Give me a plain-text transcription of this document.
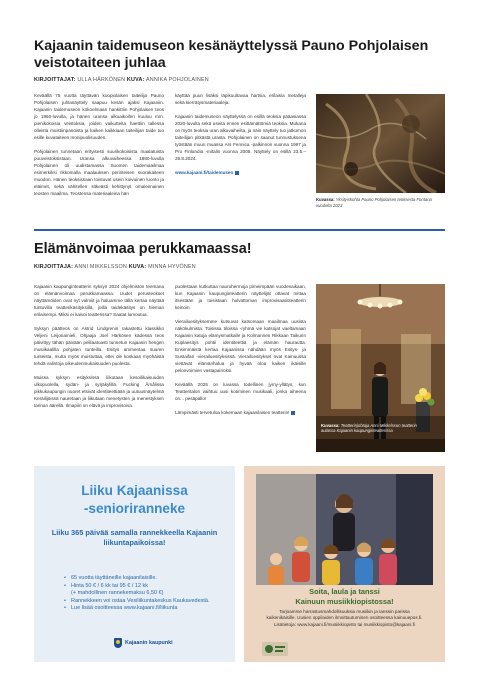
Kajaanin taidemuseon kesänäyttelyssä Pauno Pohjolaisen veistotaiteen juhlaa
KIRJOITTAJAT: ULLA HÄRKÖNEN KUVA: ANNIKA POHJOLAINEN

Keväällä 75 vuotta täyttävän kuopiolaisen taiteilija Pauno Pohjolaisen juhlanäyttely saapuu kesän ajaksi Kajaaniin. Kajaanin taidemuseon kokoelmaan hankittiin Pohjolaisen teos jo 1960-luvulla, ja hänen uransa alkuaikoihin kuuluu mm. pienikokoisia veistoksia, joiden vaikutteita haettiin tallessa olleista muistiinpanoista ja kaiken kaikkiaan taiteilijan taide tuo esille kuvataiteen monipuolisuuden.

Pohjolainen tunnetaan erityisesti suurikokoisista maalatuista puuveistoksistaan. Uransa alkuvaiheessa 1980-luvulla Pohjolainen oli uudistamassa Suomen taidemaailmaa esimerkiksi rikkomalla maalauksen perinteisen suorakaiteen muodon. Hänen teoksissaan toistuvat usein koivuinen luonto ja eläimet, sekä vähitellen sitkeästi kehittynyt omaleimainen teosten maailma. Teostensa materiaaleina hän

käyttää puun lisäksi läpikuultavaa hartsia, erilaisia metalleja sekä kierrätysmateriaaleja.

Kajaanin taidemuseon näyttelyssä on esillä teoksia pääasiassa 2020-luvulta sekä useita ennen esittämättömiä teoksia. Mukana on myös teoksia uran alkuvaiheilta, ja näin näyttely tuo jatkumon taiteilijan pitkästä urasta. Pohjolainen on saanut tunnustuksena työstään muun muassa Ars Fennica -palkinnon vuonna 1997 ja Pro Finlandia -mitalin vuonna 2005. Näyttely on esillä 23.5.–25.8.2024.

www.kajaani.fi/taidemuseo

Kuvassa: Yksityiskohta Pauno Pohjolaisen teoksesta Fontana vuodelta 2023
Elämänvoimaa perukkamaassa!
KIRJOITTAJA: ANNI MIKKELSSON KUVA: MINNA HYVÖNEN

Kajaanin kaupunginteatterin syksyn 2024 ohjelmiston teemana on elämänvoimaa perukkamaassa. Uudet perusteokset näyttämöiden ovat nyt valmiit ja haluamme tällä kertaa näyttää tuntuvilla teatterikäsityksillä, joilla taidekäsitys on hieman erilaisempi. Miksi ei kaivoi teatterissa? Saatat lumoutua.

Syksyn päätteos on Astrid Lindgrenin rakastettu klassikko Veljeni Leijonamieli. Ohjaaja Joel Härkösen kädessä teos päivittyy tähän päivään pelilaatoasti tunnetun Kajaanin hengen musiikaalilla pohjaten tunteilla. Esitys ammentaa suuren tunteista, mutta myös muistuttaa, ettei ole koskaan myöhäistä tehdä valintoja oikeudenmukaisuuden puolesta.

Muissa syksyn esityksissä liikutaan kesoilikaisuuden ulkopuolella, sydän- ja syrjäkylillä. Fucking Åmålissa pikkukaupungin nuoret etsivät identiteettiään ja uutuusnäytelmä Keräilijöissä nauretaan ja liikutaan menetysten ja menestyksen tarinan äärellä. Ilmapiiri on elävä ja improvisoiva.

puolestaan kutkuttaa nauruhermoja pimeimpään vuodenaikaan, kun Kajaanin kaupunginteatterin näyttelijät ottavat mittaa itsestään ja toisistaan hulvattoman improvisaatioteatterin keinoin.

Vierailuesityksemme kutsuvat katsomaan maailmaa uusista näkökulmista. Toisissa tiloissa -ryhmä vie katsojat vaeltamaan Kajaanin katuja elämysmatkalle ja Kolmannen Rikkaan Taikurin Kuplaesitys pohtii identiteettiä ja elämän haurautta. Ensimmäistä kertaa Kajaanissa nähdään myös Esitys- ja Sustaifari -vierailuesityksissä. Vierailuesitykset ovat Kainuussa viettävät elämänhalua ja hyvää oloa kaiken ikäisille pelonvoimien vastapainoksi.

Keväällä 2025 on luvassa todellinen jymy-yllätys, kun Teatteritalon vaihtuu uusi kotiminen musikaali, jonka aiheena on... pesäpallo!

Lämpimästi tervetuloa kokemaan kajaanilaisen teatterin!

Kuvassa: Teatterinjohtaja Anni Mikkelsson teatterin aulassa Kajaanin kaupunginteatterissa
Liiku Kajaanissa
-senioriranneke
Liiku 365 päivää samalla rannekkeella Kajaanin liikuntapaikoissa!
• 65 vuotta täyttäneille kajaanilaisille.
• Hinta 50 € / 6 kk tai 95 € / 12 kk
(+ mahdollinen rannekemaksu 6,50 €)
• Rannekkeen voi ostaa Vesiliikuntakeskus Kaukavedestä.
• Lue lisää osoitteessa www.kajaani.fi/liikunta
Kajaanin kaupunki
Soita, laula ja tanssi
Kainuun musiikkiopistossa!
Tarjoamme harrastusmahdollisuuksia musiikin ja tanssin parissa kaikenikäisille. Uusien oppilaiden ilmoittautuminen osoitteessa kainuuepos.fi. Lisätietoja: www.kajaani.fi/musiikkiopisto tai musiikkiopisto@kajaani.fi
